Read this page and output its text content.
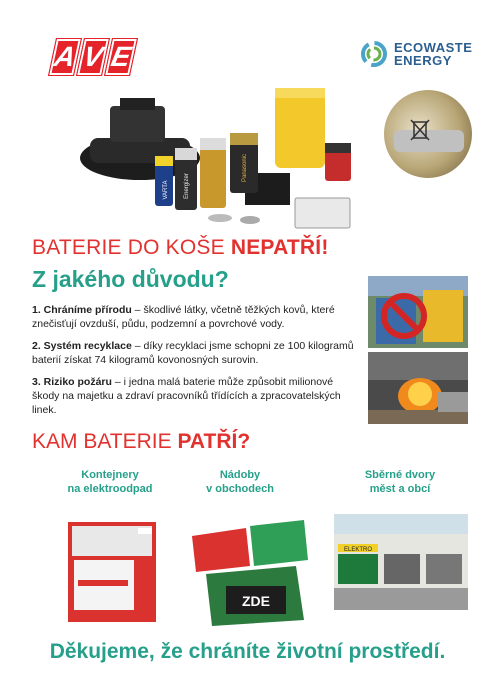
A V E	ECOWASTE
ENERGY
VARTA	Energizer
Panasonic
BATERIE DO KOŠE NEPATŘÍ!
Z jakého důvodu?

1. Chráníme přírodu – škodlivé látky, včetně těžkých kovů, které znečisťují ovzduší, půdu, podzemní a povrchové vody.

2. Systém recyklace – díky recyklaci jsme schopni ze 100 kilogramů baterií získat 74 kilogramů kovonosných surovin.

3. Riziko požáru – i jedna malá baterie může způsobit milionové škody na majetku a zdraví pracovníků třídících a zpracovatelských linek.

KAM BATERIE PATŘÍ?
Kontejnery
na elektroodpad
Nádoby
v obchodech
Sběrné dvory
měst a obcí
ZDE
ELEKTRO
Děkujeme, že chráníte životní prostředí.
